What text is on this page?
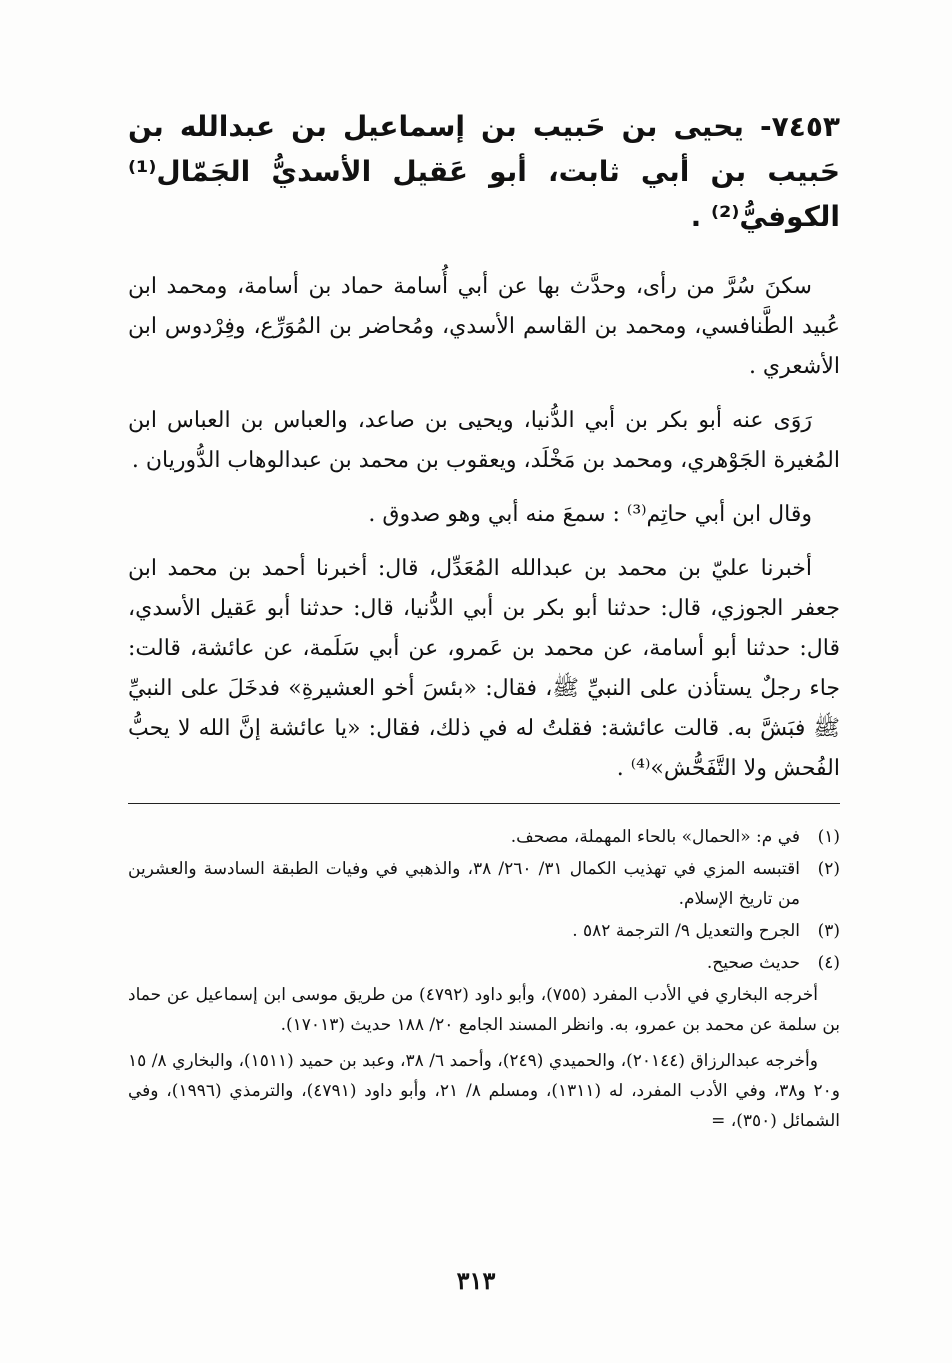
٧٤٥٣- يحيى بن حَبيب بن إسماعيل بن عبدالله بن حَبيب بن أبي ثابت، أبو عَقيل الأسديُّ الجَمّال⁽¹⁾ الكوفيُّ⁽²⁾ .

سكنَ سُرَّ من رأى، وحدَّث بها عن أبي أُسامة حماد بن أسامة، ومحمد ابن عُبيد الطَّنافسي، ومحمد بن القاسم الأسدي، ومُحاضر بن المُوَرِّع، وفِرْدوس ابن الأشعري .

رَوَى عنه أبو بكر بن أبي الدُّنيا، ويحيى بن صاعد، والعباس بن العباس ابن المُغيرة الجَوْهري، ومحمد بن مَخْلَد، ويعقوب بن محمد بن عبدالوهاب الدُّوريان .

وقال ابن أبي حاتِم⁽³⁾ : سمعَ منه أبي وهو صدوق .

أخبرنا عليّ بن محمد بن عبدالله المُعَدِّل، قال: أخبرنا أحمد بن محمد ابن جعفر الجوزي، قال: حدثنا أبو بكر بن أبي الدُّنيا، قال: حدثنا أبو عَقيل الأسدي، قال: حدثنا أبو أسامة، عن محمد بن عَمرو، عن أبي سَلَمة، عن عائشة، قالت: جاء رجلٌ يستأذن على النبيِّ ﷺ، فقال: «بئسَ أخو العشيرةِ» فدخَلَ على النبيِّ ﷺ فبَشَّ به. قالت عائشة: فقلتُ له في ذلك، فقال: «يا عائشة إنَّ الله لا يحبُّ الفُحش ولا التَّفَحُّش»⁽⁴⁾ .

(١)
في م: «الحمال» بالحاء المهملة، مصحف.
(٢)
اقتبسه المزي في تهذيب الكمال ٣١/ ٢٦٠/ ٣٨، والذهبي في وفيات الطبقة السادسة والعشرين من تاريخ الإسلام.
(٣)
الجرح والتعديل ٩/ الترجمة ٥٨٢ .
(٤)
حديث صحيح.

أخرجه البخاري في الأدب المفرد (٧٥٥)، وأبو داود (٤٧٩٢) من طريق موسى ابن إسماعيل عن حماد بن سلمة عن محمد بن عمرو، به. وانظر المسند الجامع ٢٠/ ١٨٨ حديث (١٧٠١٣).

وأخرجه عبدالرزاق (٢٠١٤٤)، والحميدي (٢٤٩)، وأحمد ٦/ ٣٨، وعبد بن حميد (١٥١١)، والبخاري ٨/ ١٥ و٢٠ و٣٨، وفي الأدب المفرد، له (١٣١١)، ومسلم ٨/ ٢١، وأبو داود (٤٧٩١)، والترمذي (١٩٩٦)، وفي الشمائل (٣٥٠)، =

٣١٣
